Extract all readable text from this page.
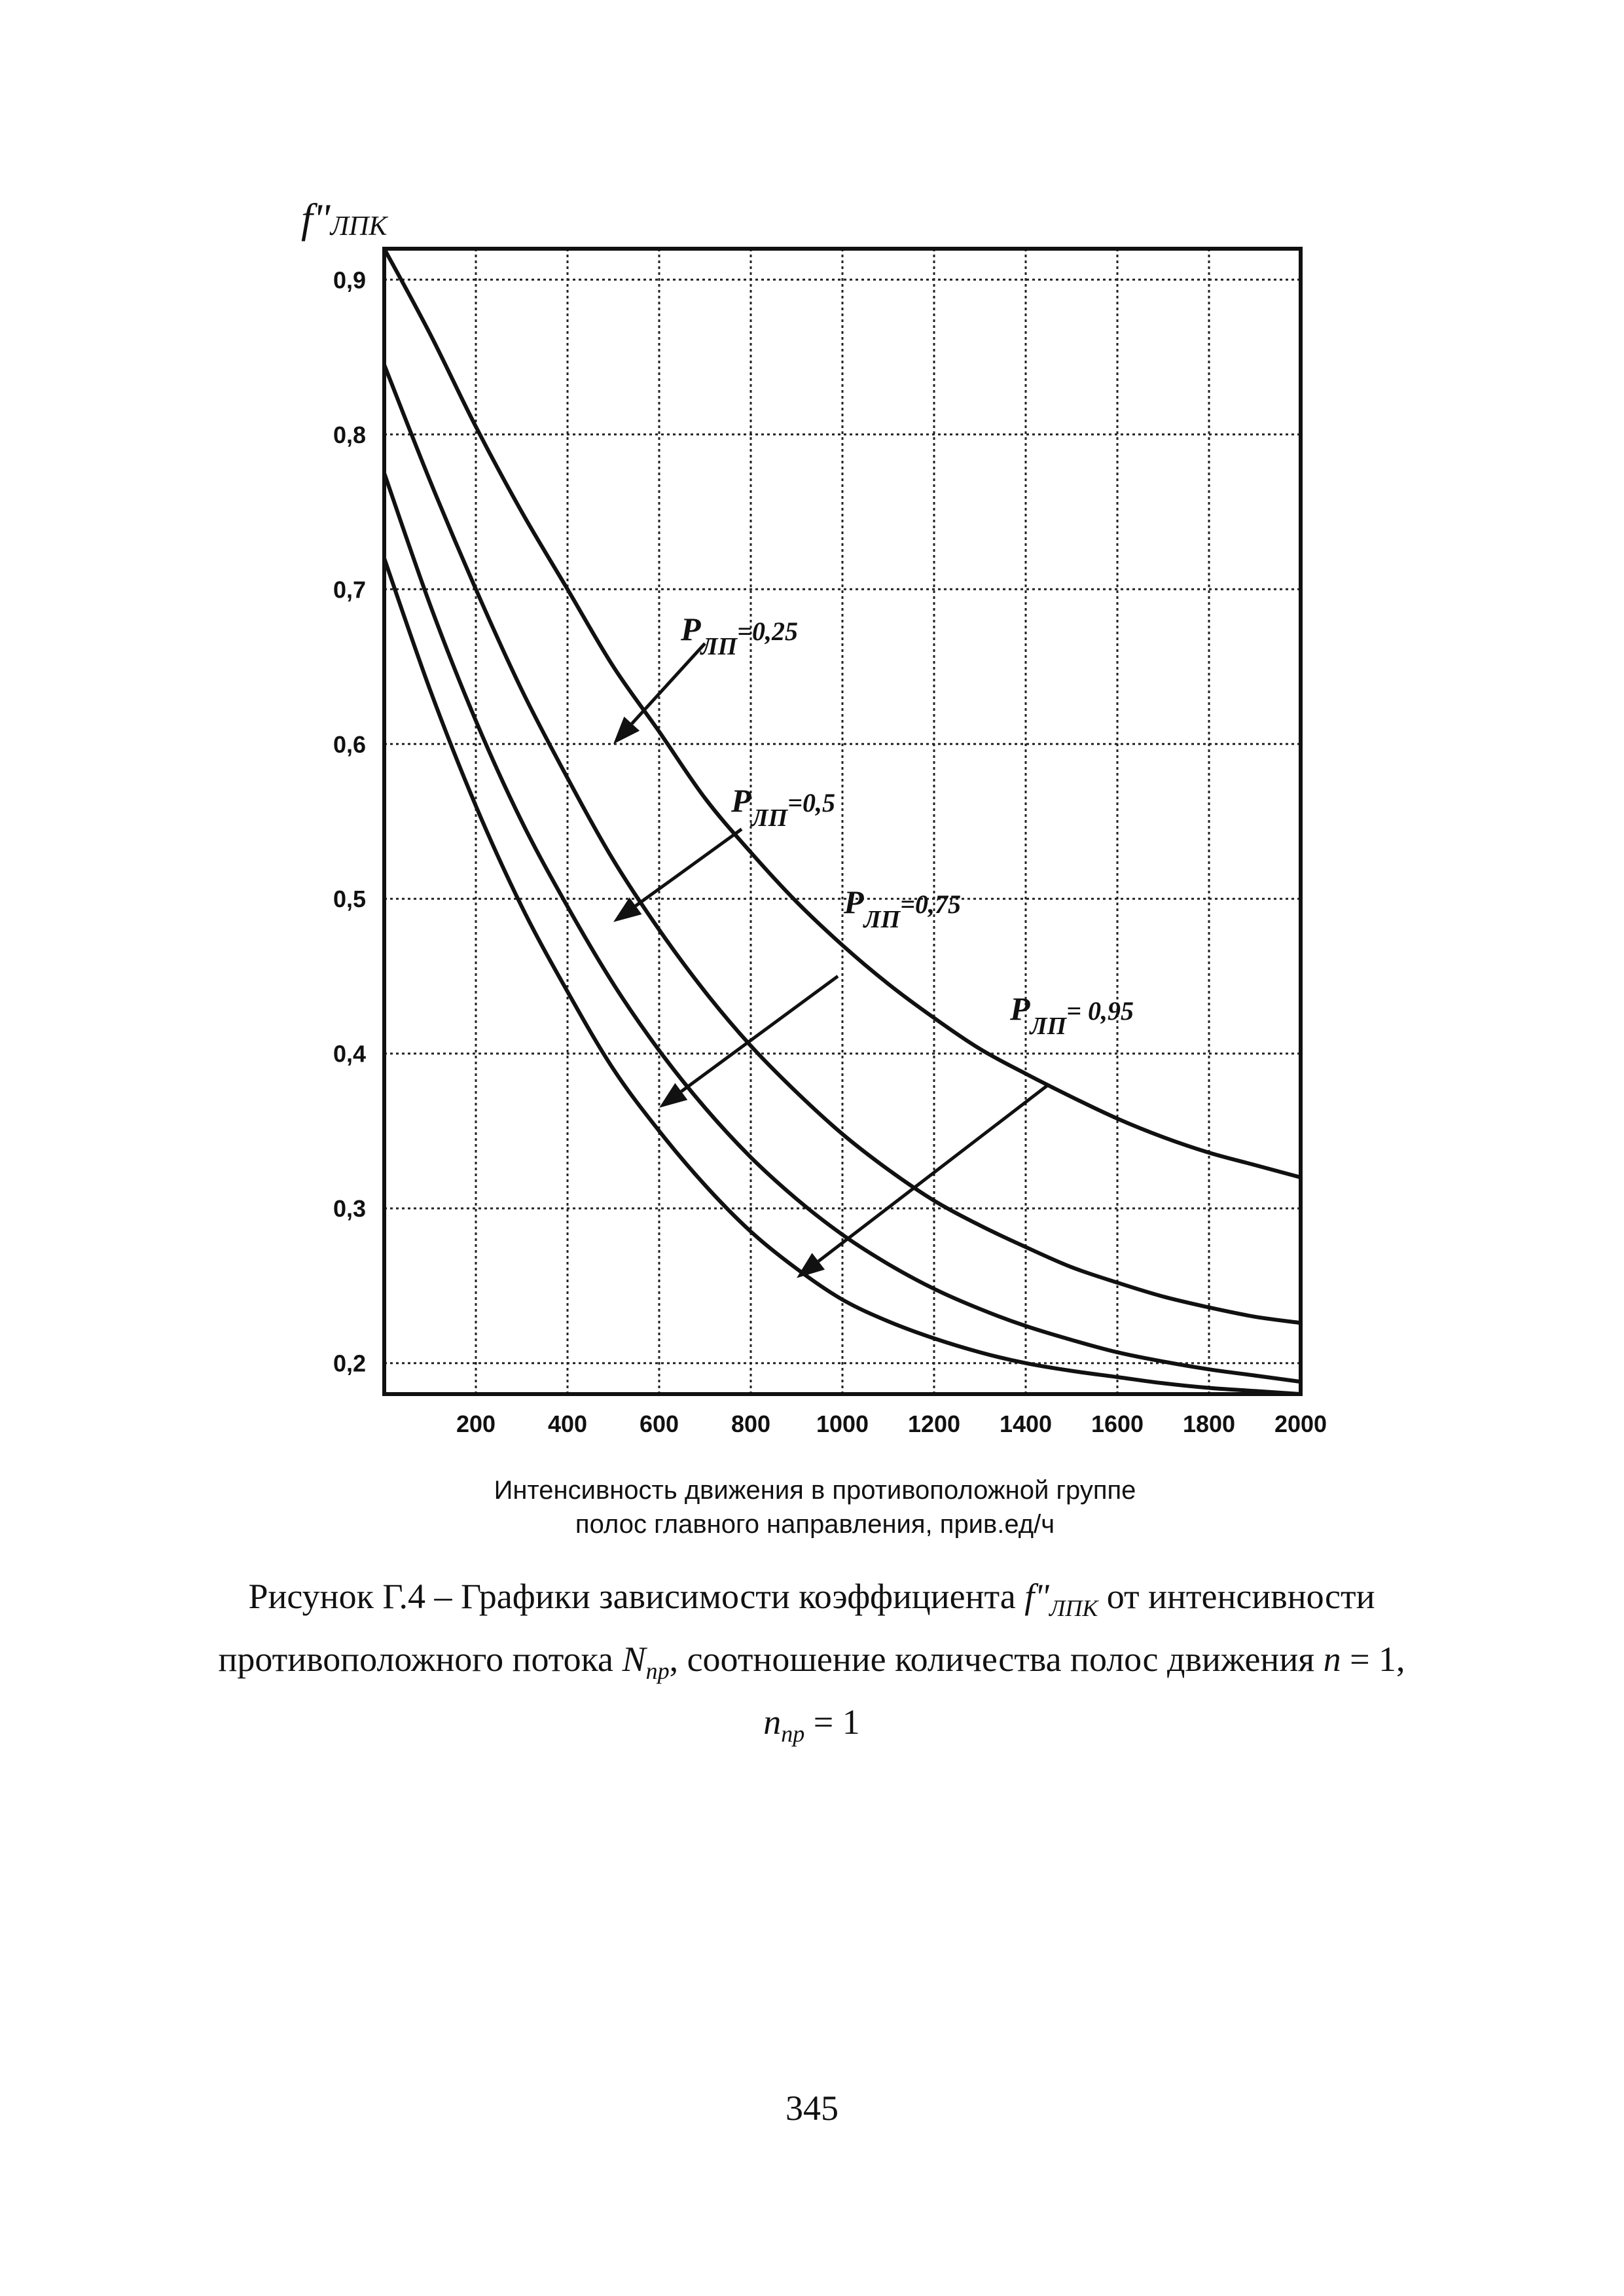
0,9
0,8
0,7
0,6
0,5
0,4
0,3
0,2
200 400 600 800 1000 1200 1400 1600 1800 2000
$P_{ЛП}^{=0,25}$
$P_{ЛП}^{=0,5}$
$P_{ЛП}^{=0,75}$
$P_{ЛП}^{= 0,95}$
f"ЛПК
Интенсивность движения в противоположной группе
полос главного направления, прив.ед/ч
Рисунок Г.4 – Графики зависимости коэффициента $f"_{ЛПК}$ от интенсивности противоположного потока $N_{пр}$, соотношение количества полос движения n = 1,
$n_{пр} = 1$
345
